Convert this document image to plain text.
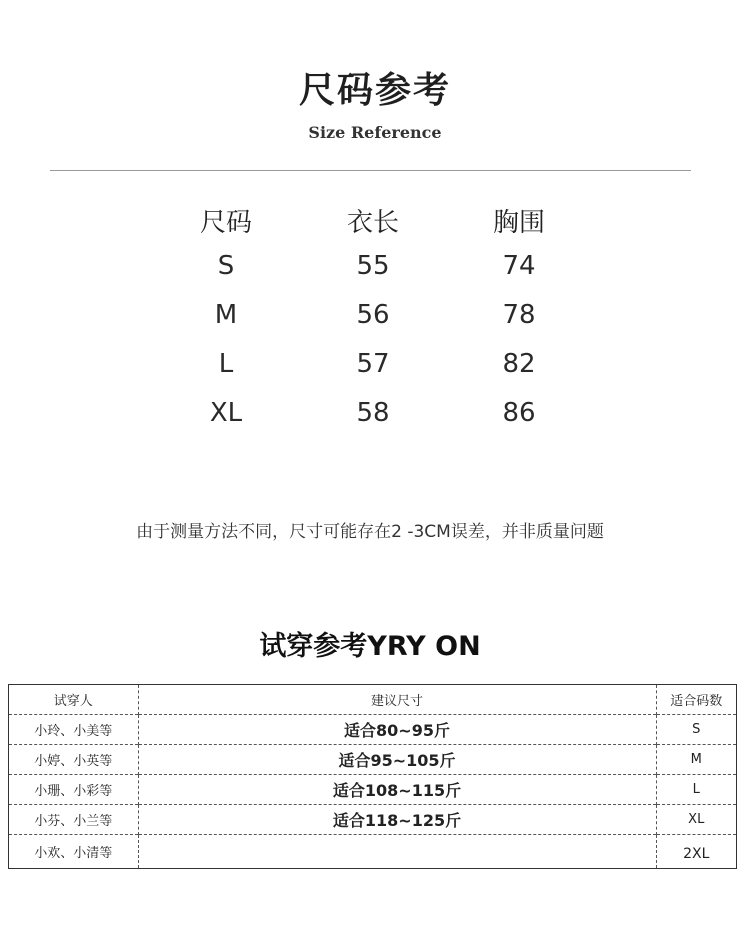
尺码参考
Size Reference
尺码	衣长	胸围
S	55	74
M	56	78
L	57	82
XL	58	86
由于测量方法不同，尺寸可能存在2 -3CM误差，并非质量问题
试穿参考YRY ON
试穿人	建议尺寸	适合码数
小玲、小美等	适合80~95斤	S
小婷、小英等	适合95~105斤	M
小珊、小彩等	适合108~115斤	L
小芬、小兰等	适合118~125斤	XL
小欢、小清等		2XL
